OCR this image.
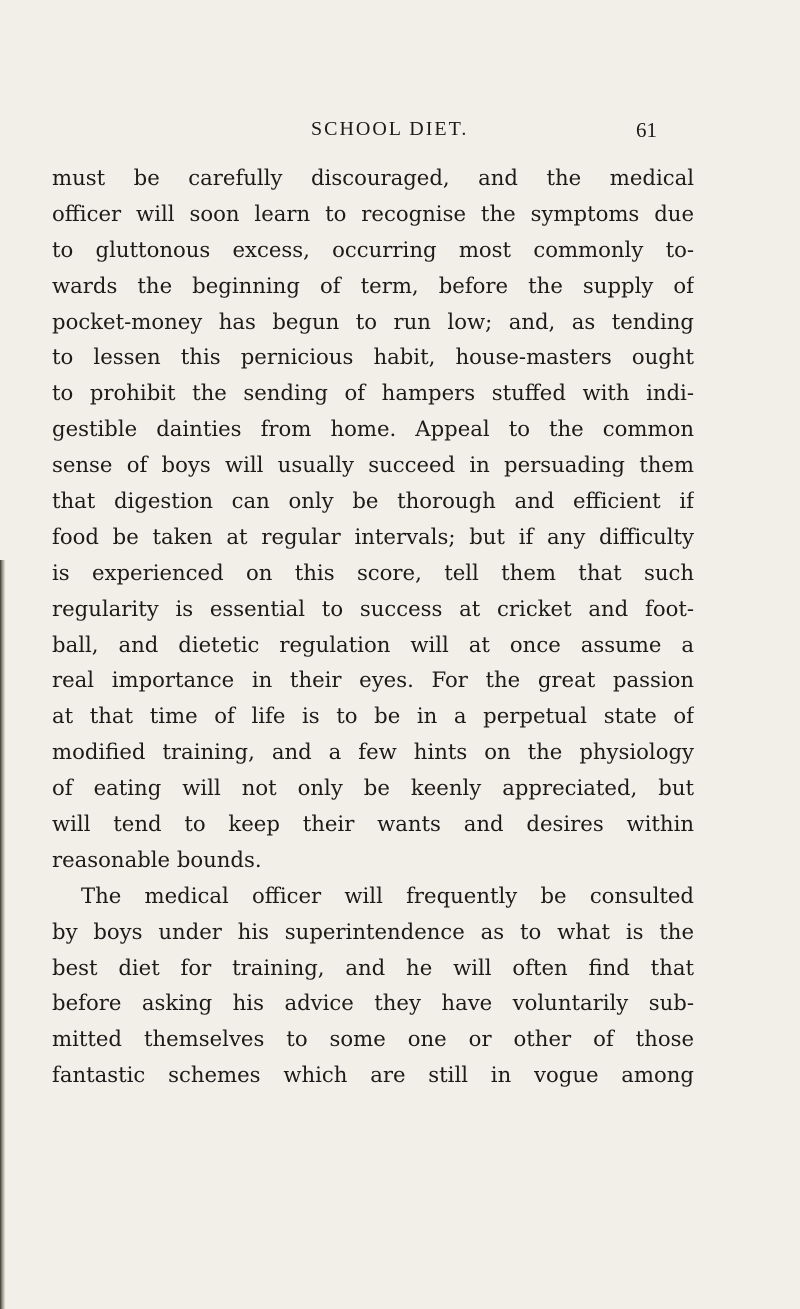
SCHOOL DIET.	61
must be carefully discouraged, and the medical
officer will soon learn to recognise the symptoms due
to gluttonous excess, occurring most commonly to-
wards the beginning of term, before the supply of
pocket-money has begun to run low; and, as tending
to lessen this pernicious habit, house-masters ought
to prohibit the sending of hampers stuffed with indi-
gestible dainties from home. Appeal to the common
sense of boys will usually succeed in persuading them
that digestion can only be thorough and efficient if
food be taken at regular intervals; but if any difficulty
is experienced on this score, tell them that such
regularity is essential to success at cricket and foot-
ball, and dietetic regulation will at once assume a
real importance in their eyes. For the great passion
at that time of life is to be in a perpetual state of
modified training, and a few hints on the physiology
of eating will not only be keenly appreciated, but
will tend to keep their wants and desires within
reasonable bounds.
The medical officer will frequently be consulted
by boys under his superintendence as to what is the
best diet for training, and he will often find that
before asking his advice they have voluntarily sub-
mitted themselves to some one or other of those
fantastic schemes which are still in vogue among
